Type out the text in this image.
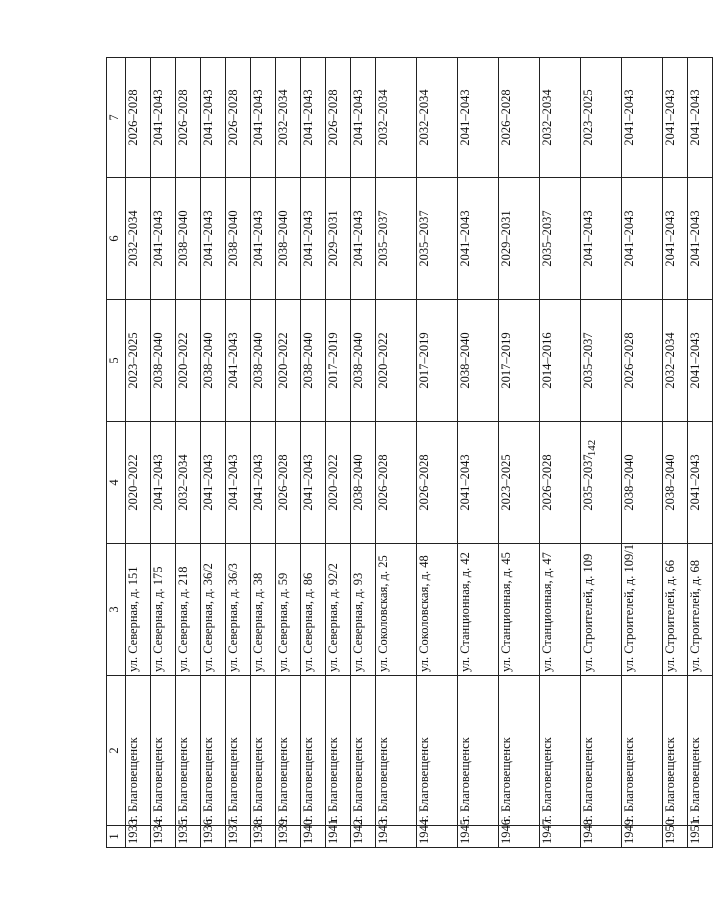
142
1	2	3	4	5	6	7
1933	г. Благовещенск	ул. Северная, д. 151	2020–2022	2023–2025	2032–2034	2026–2028
1934	г. Благовещенск	ул. Северная, д. 175	2041–2043	2038–2040	2041–2043	2041–2043
1935	г. Благовещенск	ул. Северная, д. 218	2032–2034	2020–2022	2038–2040	2026–2028
1936	г. Благовещенск	ул. Северная, д. 36/2	2041–2043	2038–2040	2041–2043	2041–2043
1937	г. Благовещенск	ул. Северная, д. 36/3	2041–2043	2041–2043	2038–2040	2026–2028
1938	г. Благовещенск	ул. Северная, д. 38	2041–2043	2038–2040	2041–2043	2041–2043
1939	г. Благовещенск	ул. Северная, д. 59	2026–2028	2020–2022	2038–2040	2032–2034
1940	г. Благовещенск	ул. Северная, д. 86	2041–2043	2038–2040	2041–2043	2041–2043
1941	г. Благовещенск	ул. Северная, д. 92/2	2020–2022	2017–2019	2029–2031	2026–2028
1942	г. Благовещенск	ул. Северная, д. 93	2038–2040	2038–2040	2041–2043	2041–2043
1943	г. Благовещенск	ул. Соколовская, д. 25	2026–2028	2020–2022	2035–2037	2032–2034
1944	г. Благовещенск	ул. Соколовская, д. 48	2026–2028	2017–2019	2035–2037	2032–2034
1945	г. Благовещенск	ул. Станционная, д. 42	2041–2043	2038–2040	2041–2043	2041–2043
1946	г. Благовещенск	ул. Станционная, д. 45	2023–2025	2017–2019	2029–2031	2026–2028
1947	г. Благовещенск	ул. Станционная, д. 47	2026–2028	2014–2016	2035–2037	2032–2034
1948	г. Благовещенск	ул. Строителей, д. 109	2035–2037	2035–2037	2041–2043	2023–2025
1949	г. Благовещенск	ул. Строителей, д. 109/1	2038–2040	2026–2028	2041–2043	2041–2043
1950	г. Благовещенск	ул. Строителей, д. 66	2038–2040	2032–2034	2041–2043	2041–2043
1951	г. Благовещенск	ул. Строителей, д. 68	2041–2043	2041–2043	2041–2043	2041–2043
